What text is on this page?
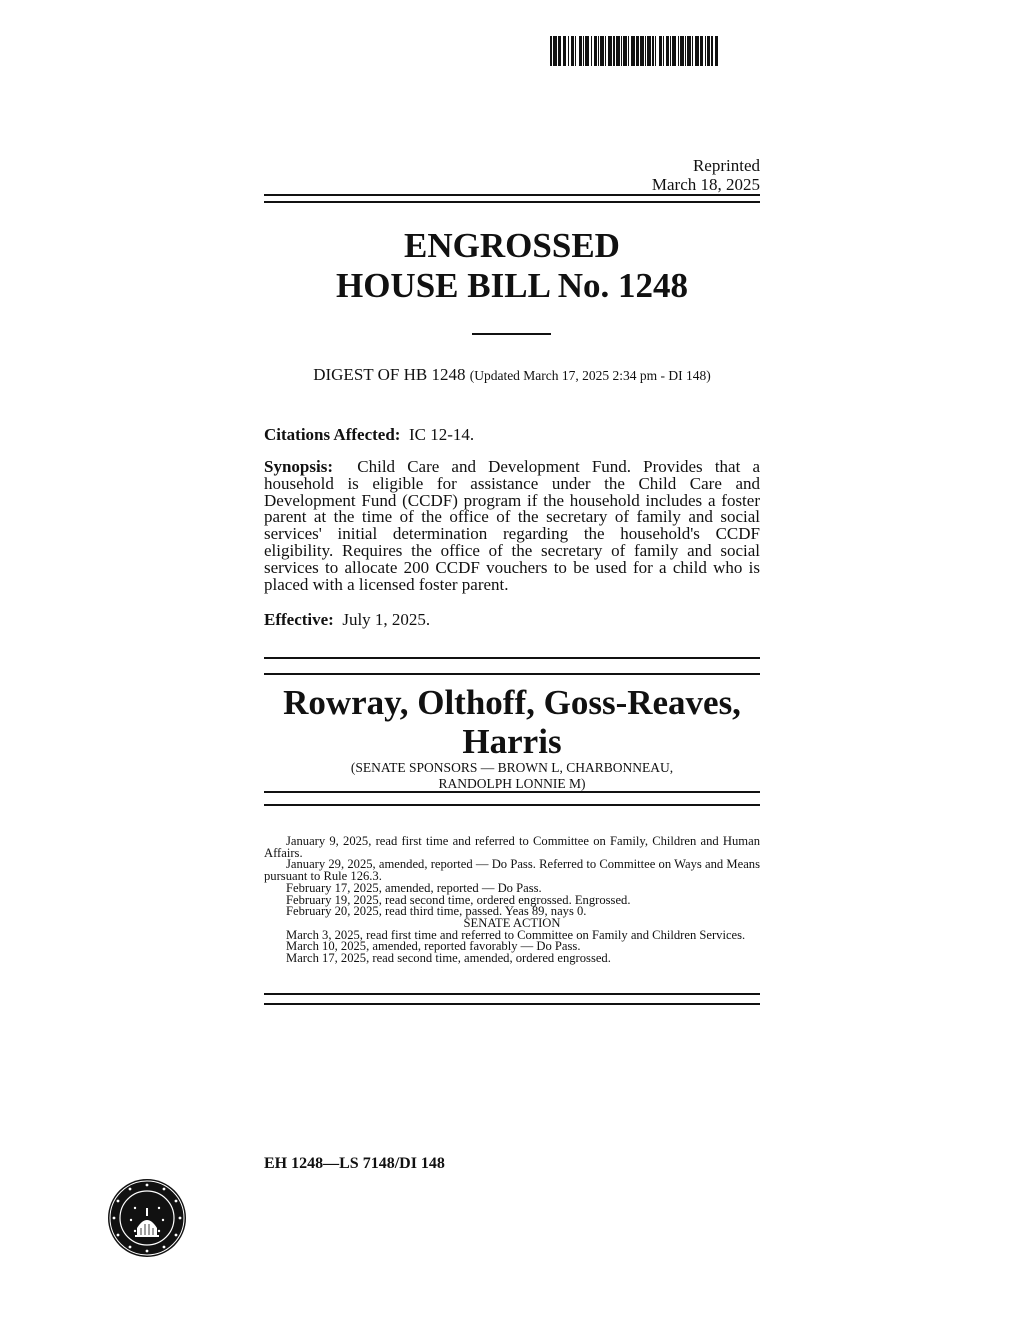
Reprinted
March 18, 2025
ENGROSSED
HOUSE BILL No. 1248
DIGEST OF HB 1248 (Updated March 17, 2025 2:34 pm - DI 148)
Citations Affected: IC 12-14.
Synopsis: Child Care and Development Fund. Provides that a household is eligible for assistance under the Child Care and Development Fund (CCDF) program if the household includes a foster parent at the time of the office of the secretary of family and social services' initial determination regarding the household's CCDF eligibility. Requires the office of the secretary of family and social services to allocate 200 CCDF vouchers to be used for a child who is placed with a licensed foster parent.
Effective: July 1, 2025.
Rowray, Olthoff, Goss-Reaves,
Harris
(SENATE SPONSORS — BROWN L, CHARBONNEAU,
RANDOLPH LONNIE M)
January 9, 2025, read first time and referred to Committee on Family, Children and Human Affairs.
January 29, 2025, amended, reported — Do Pass. Referred to Committee on Ways and Means pursuant to Rule 126.3.
February 17, 2025, amended, reported — Do Pass.
February 19, 2025, read second time, ordered engrossed. Engrossed.
February 20, 2025, read third time, passed. Yeas 89, nays 0.
SENATE ACTION
March 3, 2025, read first time and referred to Committee on Family and Children Services.
March 10, 2025, amended, reported favorably — Do Pass.
March 17, 2025, read second time, amended, ordered engrossed.
EH 1248—LS 7148/DI 148
